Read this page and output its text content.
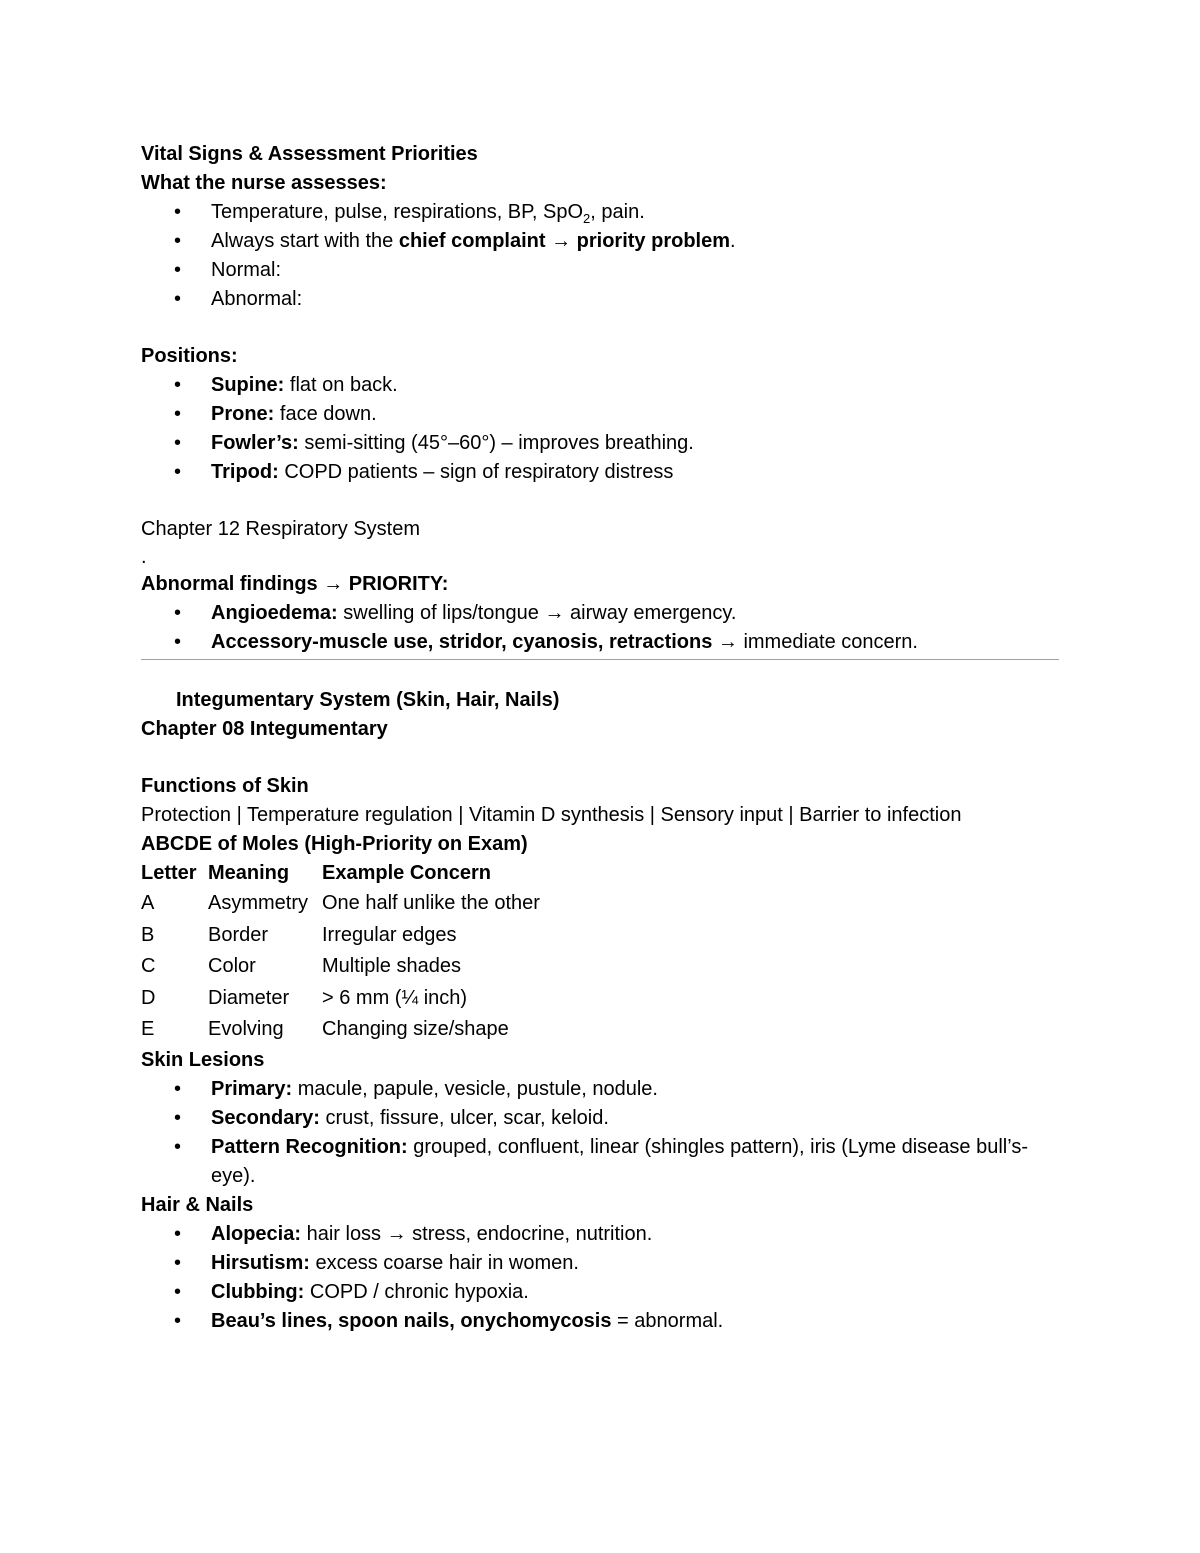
Vital Signs & Assessment Priorities
What the nurse assesses:
• Temperature, pulse, respirations, BP, SpO$_2$, pain.
• Always start with the chief complaint → priority problem.
• Normal:
• Abnormal:
Positions:
• Supine: flat on back.
• Prone: face down.
• Fowler’s: semi-sitting (45°–60°) – improves breathing.
• Tripod: COPD patients – sign of respiratory distress
Chapter 12 Respiratory System
.
Abnormal findings → PRIORITY:
• Angioedema: swelling of lips/tongue → airway emergency.
• Accessory-muscle use, stridor, cyanosis, retractions → immediate concern.
Integumentary System (Skin, Hair, Nails)
Chapter 08 Integumentary
Functions of Skin
Protection | Temperature regulation | Vitamin D synthesis | Sensory input | Barrier to infection
ABCDE of Moles (High-Priority on Exam)
Letter	Meaning	Example Concern
A	Asymmetry	One half unlike the other
B	Border	Irregular edges
C	Color	Multiple shades
D	Diameter	> 6 mm (¼ inch)
E	Evolving	Changing size/shape
Skin Lesions
• Primary: macule, papule, vesicle, pustule, nodule.
• Secondary: crust, fissure, ulcer, scar, keloid.
• Pattern Recognition: grouped, confluent, linear (shingles pattern), iris (Lyme disease bull’s-eye).
Hair & Nails
• Alopecia: hair loss → stress, endocrine, nutrition.
• Hirsutism: excess coarse hair in women.
• Clubbing: COPD / chronic hypoxia.
• Beau’s lines, spoon nails, onychomycosis = abnormal.
